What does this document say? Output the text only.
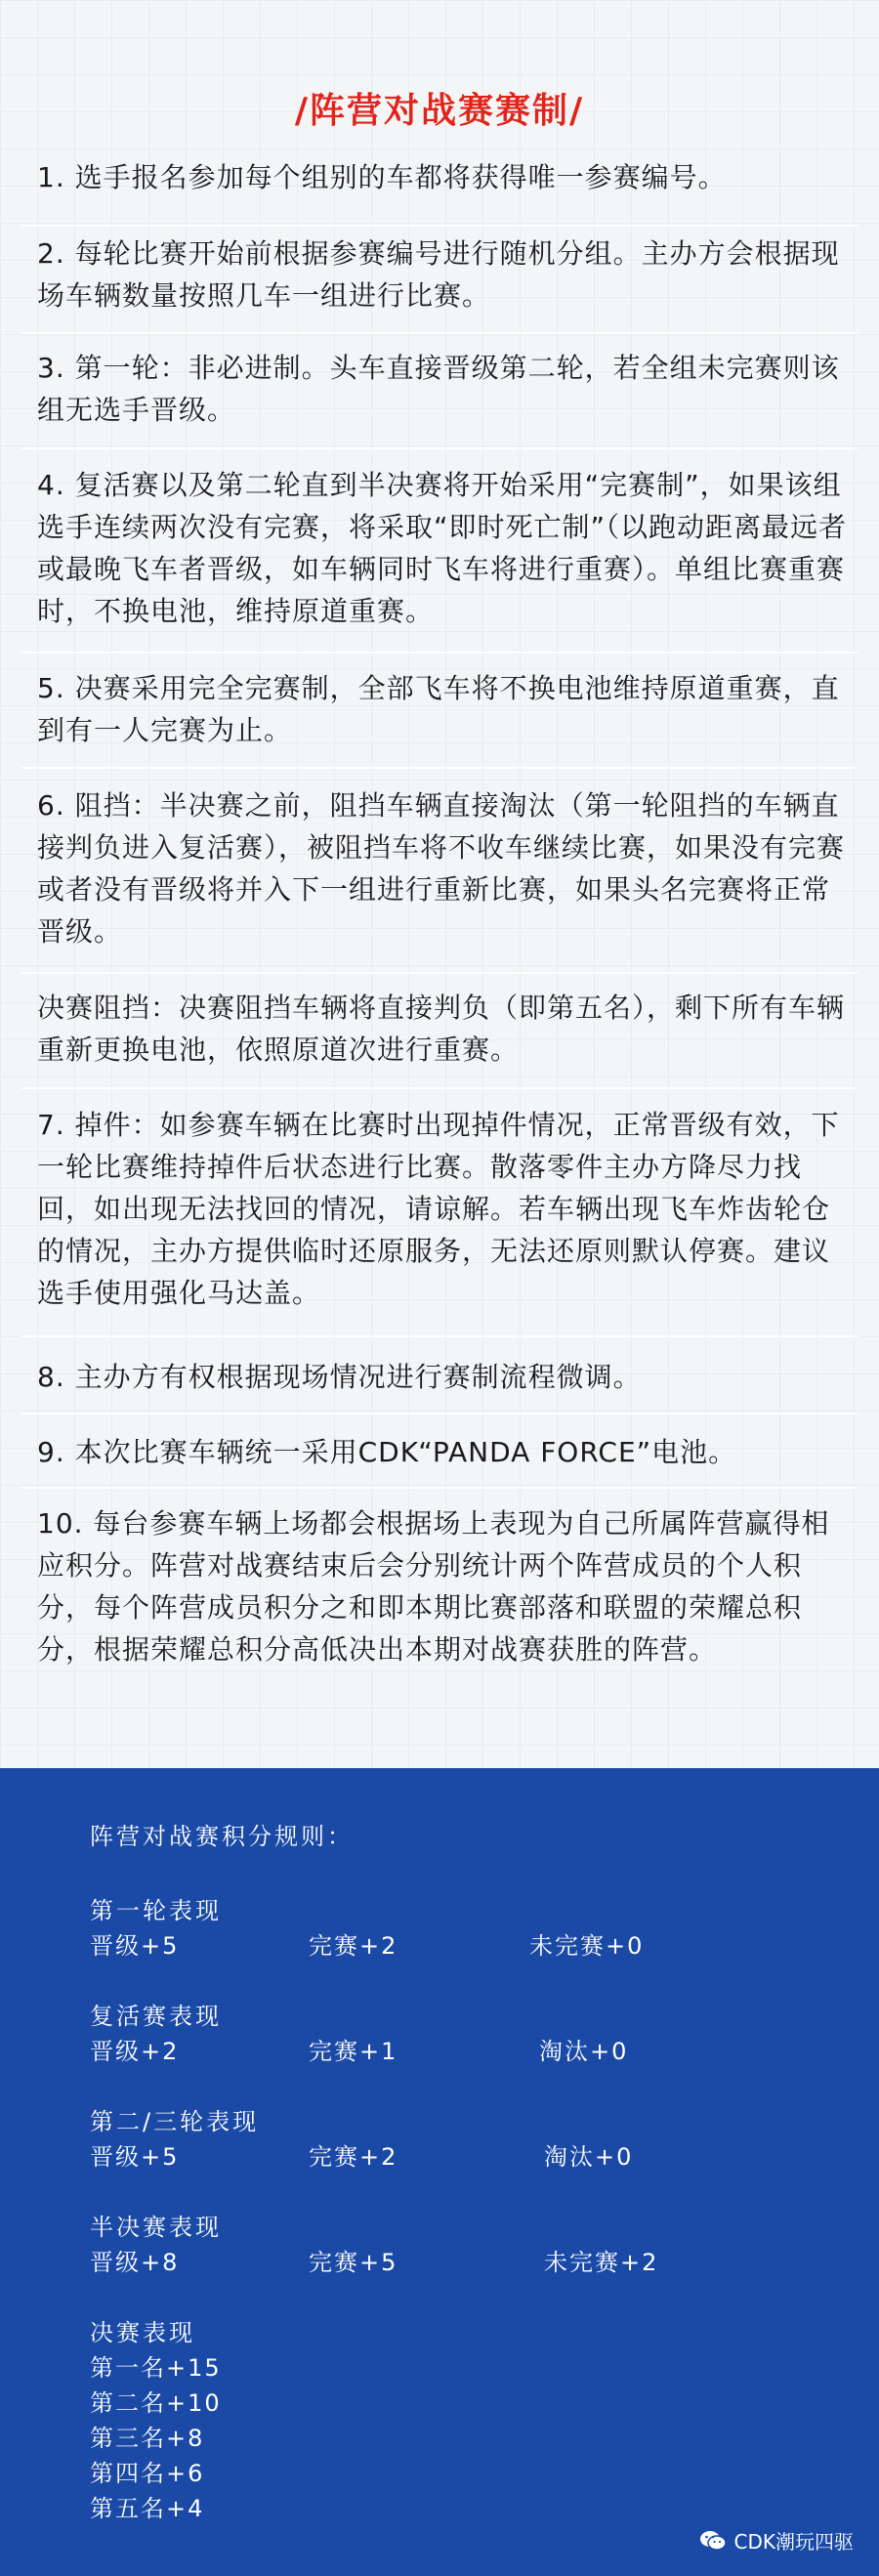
/阵营对战赛赛制/

1. 选手报名参加每个组别的车都将获得唯一参赛编号。

2. 每轮比赛开始前根据参赛编号进行随机分组。主办方会根据现场车辆数量按照几车一组进行比赛。

3. 第一轮：非必进制。头车直接晋级第二轮，若全组未完赛则该组无选手晋级。

4. 复活赛以及第二轮直到半决赛将开始采用“完赛制”，如果该组选手连续两次没有完赛，将采取“即时死亡制”（以跑动距离最远者或最晚飞车者晋级，如车辆同时飞车将进行重赛）。单组比赛重赛时，不换电池，维持原道重赛。

5. 决赛采用完全完赛制，全部飞车将不换电池维持原道重赛，直到有一人完赛为止。

6. 阻挡：半决赛之前，阻挡车辆直接淘汰（第一轮阻挡的车辆直接判负进入复活赛），被阻挡车将不收车继续比赛，如果没有完赛或者没有晋级将并入下一组进行重新比赛，如果头名完赛将正常晋级。

决赛阻挡：决赛阻挡车辆将直接判负（即第五名），剩下所有车辆重新更换电池，依照原道次进行重赛。

7. 掉件：如参赛车辆在比赛时出现掉件情况，正常晋级有效，下一轮比赛维持掉件后状态进行比赛。散落零件主办方降尽力找回，如出现无法找回的情况，请谅解。若车辆出现飞车炸齿轮仓的情况，主办方提供临时还原服务，无法还原则默认停赛。建议选手使用强化马达盖。

8. 主办方有权根据现场情况进行赛制流程微调。

9. 本次比赛车辆统一采用CDK“PANDA FORCE”电池。

10. 每台参赛车辆上场都会根据场上表现为自己所属阵营赢得相应积分。阵营对战赛结束后会分别统计两个阵营成员的个人积分，每个阵营成员积分之和即本期比赛部落和联盟的荣耀总积分，根据荣耀总积分高低决出本期对战赛获胜的阵营。

阵营对战赛积分规则：
第一轮表现
晋级+5	完赛+2	未完赛+0
复活赛表现
晋级+2	完赛+1	淘汰+0
第二/三轮表现
晋级+5	完赛+2	淘汰+0
半决赛表现
晋级+8	完赛+5	未完赛+2
决赛表现
第一名+15
第二名+10
第三名+8
第四名+6
第五名+4
CDK潮玩四驱
